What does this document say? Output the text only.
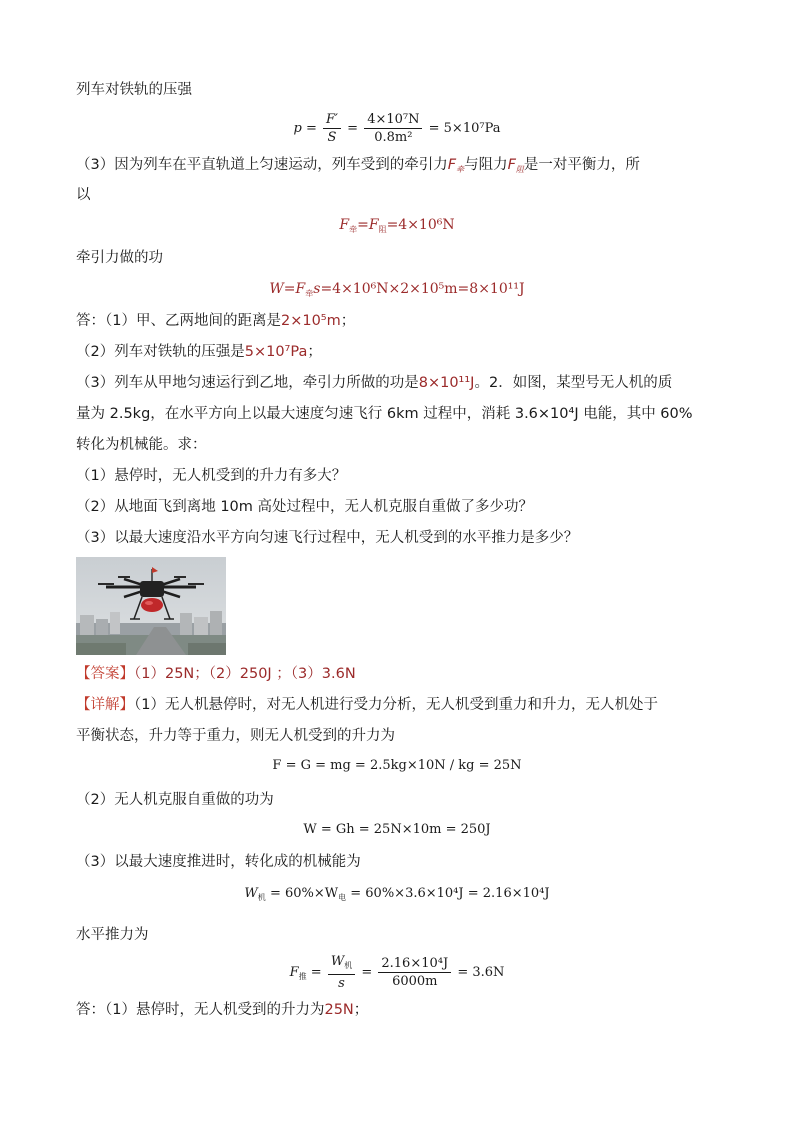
列车对铁轨的压强
$p = \frac{F'}{S} = \frac{\text{4×10⁷N}}{\text{0.8m²}} = 5\times 10^7Pa$
（3）因为列车在平直轨道上匀速运动，列车受到的牵引力$F_牵$与阻力$F_阻$是一对平衡力，所
以
$F_牵=F_阻=4\times 10^6N$
牵引力做的功
$W=F_牵s=4\times 10^6N\times 2\times 10^5m=8\times 10^{11}J$
答：（1）甲、乙两地间的距离是2×10⁵m；
（2）列车对铁轨的压强是5×10⁷Pa；
（3）列车从甲地匀速运行到乙地，牵引力所做的功是8×10¹¹J。2．如图，某型号无人机的质
量为 2.5kg，在水平方向上以最大速度匀速飞行 6km 过程中，消耗 3.6×10⁴J 电能，其中 60%
转化为机械能。求：
（1）悬停时，无人机受到的升力有多大？
（2）从地面飞到离地 10m 高处过程中，无人机克服自重做了多少功？
（3）以最大速度沿水平方向匀速飞行过程中，无人机受到的水平推力是多少？
【答案】（1）25N；（2）250J ；（3）3.6N
【详解】（1）无人机悬停时，对无人机进行受力分析，无人机受到重力和升力，无人机处于
平衡状态，升力等于重力，则无人机受到的升力为
F = G = mg = 2.5kg×10N / kg = 25N
（2）无人机克服自重做的功为
W = Gh = 25N×10m = 250J
（3）以最大速度推进时，转化成的机械能为
$W_机 = 60\%\times W_电 = 60\%\times 3.6\times 10^4J = 2.16\times 10^4J$
水平推力为
$F_推 = \frac{W_机}{s} = \frac{\text{2.16×10⁴J}}{6000m} = 3.6N$
答：（1）悬停时，无人机受到的升力为25N；
